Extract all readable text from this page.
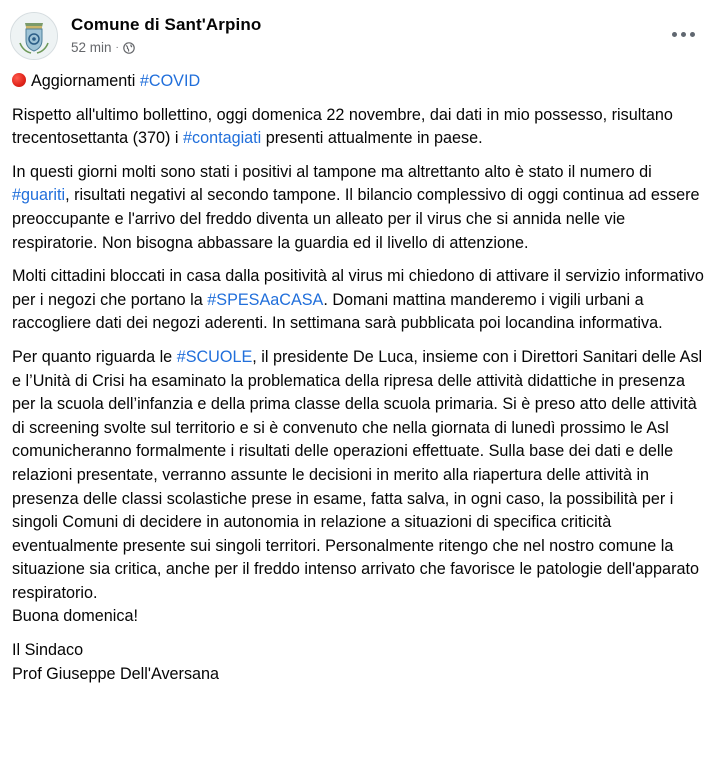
Comune di Sant'Arpino
52 min ·

Aggiornamenti #COVID

Rispetto all'ultimo bollettino, oggi domenica 22 novembre, dai dati in mio possesso, risultano trecentosettanta (370) i #contagiati presenti attualmente in paese.

In questi giorni molti sono stati i positivi al tampone ma altrettanto alto è stato il numero di #guariti, risultati negativi al secondo tampone. Il bilancio complessivo di oggi continua ad essere preoccupante e l'arrivo del freddo diventa un alleato per il virus che si annida nelle vie respiratorie. Non bisogna abbassare la guardia ed il livello di attenzione.

Molti cittadini bloccati in casa dalla positività al virus mi chiedono di attivare il servizio informativo per i negozi che portano la #SPESAaCASA. Domani mattina manderemo i vigili urbani a raccogliere dati dei negozi aderenti. In settimana sarà pubblicata poi locandina informativa.

Per quanto riguarda le #SCUOLE, il presidente De Luca, insieme con i Direttori Sanitari delle Asl e l’Unità di Crisi ha esaminato la problematica della ripresa delle attività didattiche in presenza per la scuola dell’infanzia e della prima classe della scuola primaria. Si è preso atto delle attività di screening svolte sul territorio e si è convenuto che nella giornata di lunedì prossimo le Asl comunicheranno formalmente i risultati delle operazioni effettuate. Sulla base dei dati e delle relazioni presentate, verranno assunte le decisioni in merito alla riapertura delle attività in presenza delle classi scolastiche prese in esame, fatta salva, in ogni caso, la possibilità per i singoli Comuni di decidere in autonomia in relazione a situazioni di specifica criticità eventualmente presente sui singoli territori. Personalmente ritengo che nel nostro comune la situazione sia critica, anche per il freddo intenso arrivato che favorisce le patologie dell'apparato respiratorio.
Buona domenica!

Il Sindaco
Prof Giuseppe Dell'Aversana
